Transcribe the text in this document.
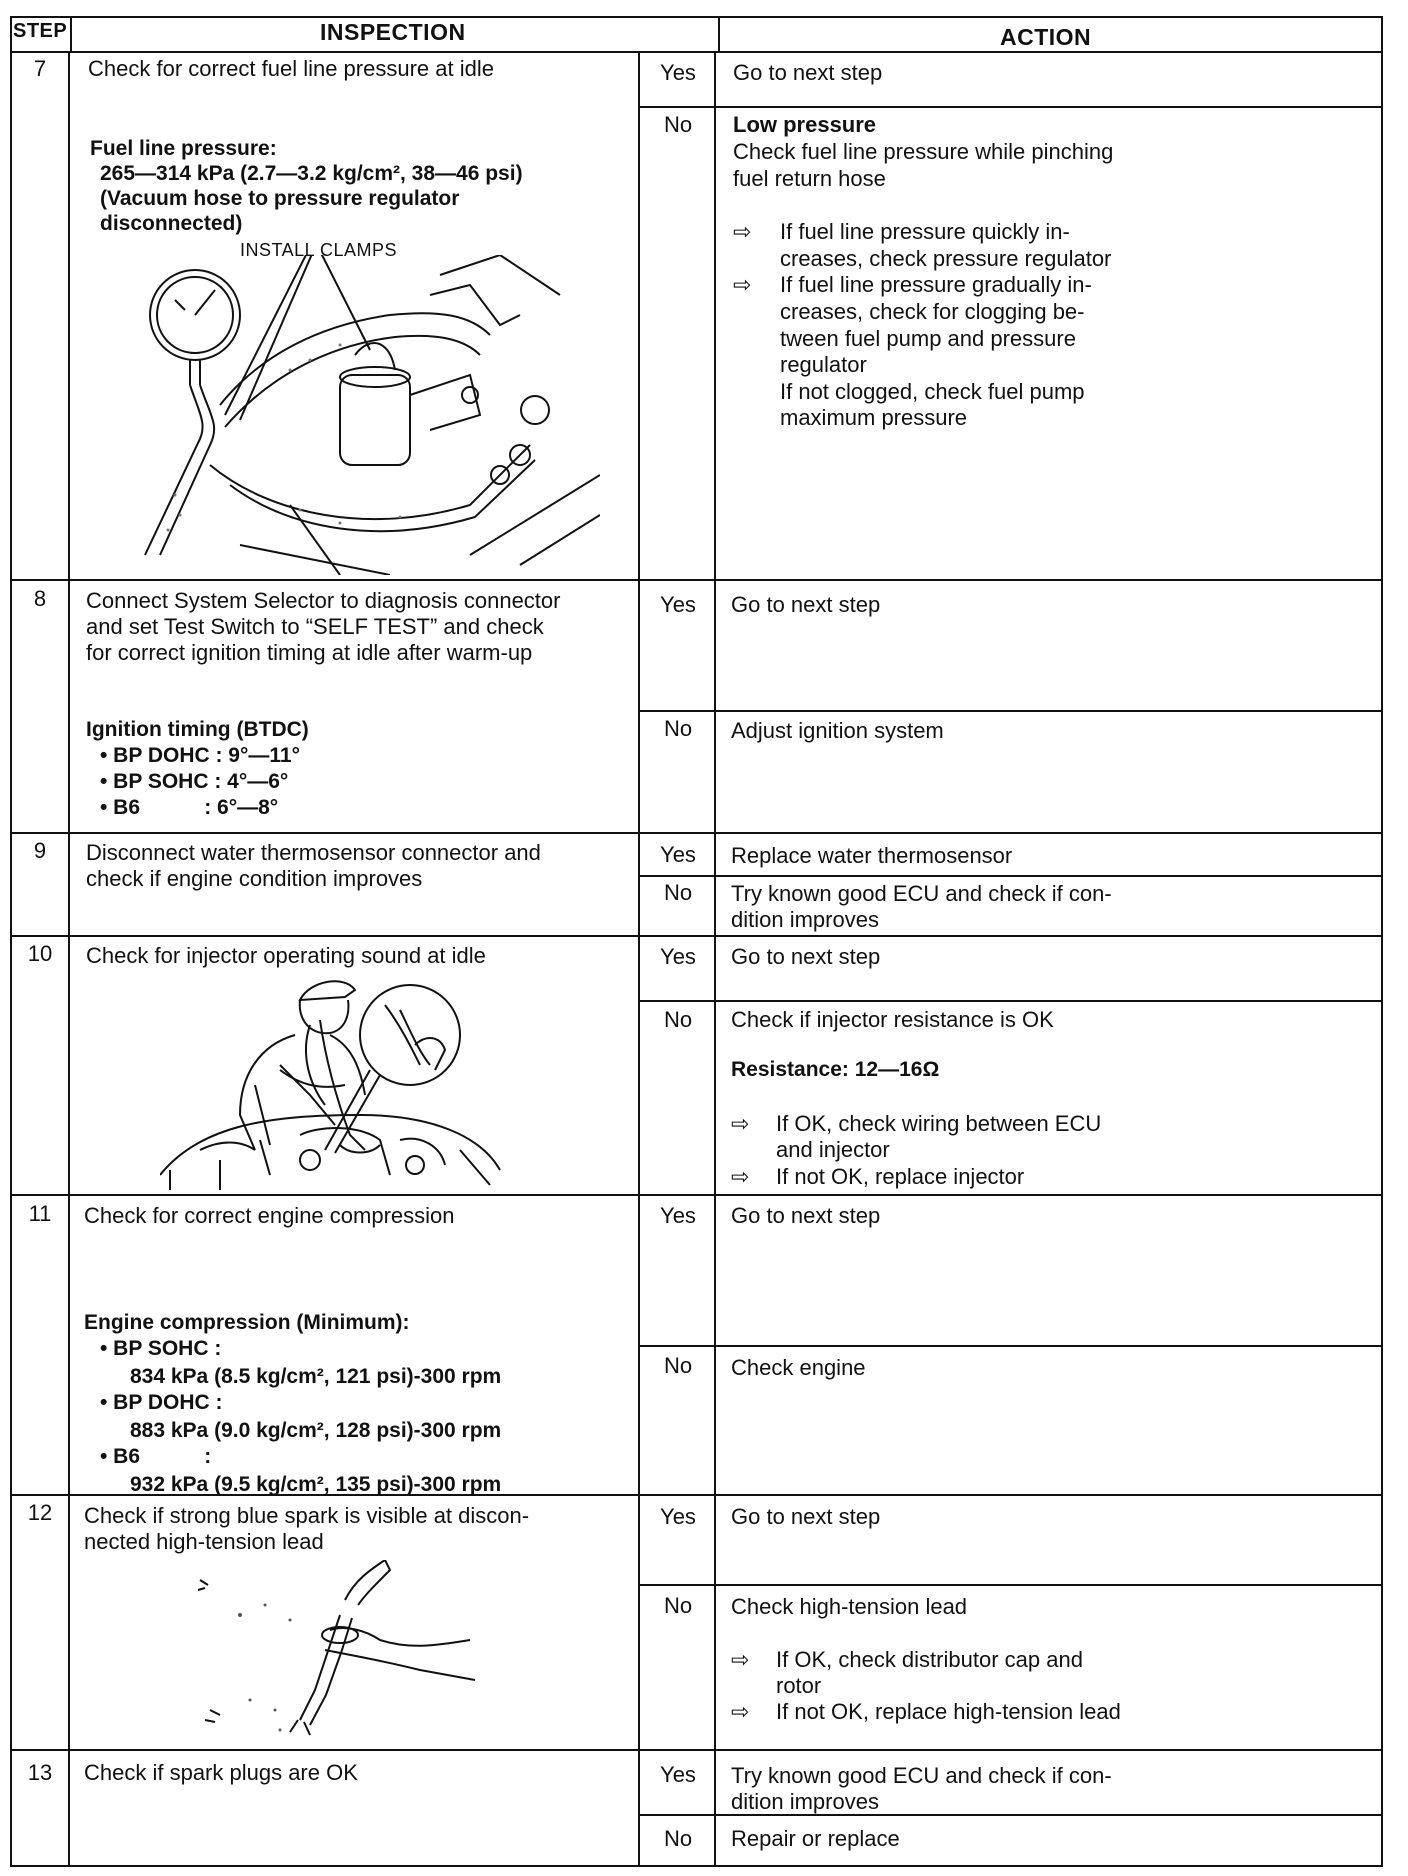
STEP	INSPECTION	ACTION
7	Check for correct fuel line pressure at idle
Fuel line pressure:
265—314 kPa (2.7—3.2 kg/cm², 38—46 psi)
(Vacuum hose to pressure regulator
disconnected)
INSTALL CLAMPS
Yes	Go to next step
No	Low pressure
Check fuel line pressure while pinching
fuel return hose
⇨	If fuel line pressure quickly in-
creases, check pressure regulator
⇨	If fuel line pressure gradually in-
creases, check for clogging be-
tween fuel pump and pressure
regulator
If not clogged, check fuel pump
maximum pressure
8	Connect System Selector to diagnosis connector
and set Test Switch to “SELF TEST” and check
for correct ignition timing at idle after warm-up
Ignition timing (BTDC)
• BP DOHC : 9°—11°
• BP SOHC : 4°—6°
• B6           : 6°—8°
Yes	Go to next step
No	Adjust ignition system
9	Disconnect water thermosensor connector and
check if engine condition improves
Yes	Replace water thermosensor
No	Try known good ECU and check if con-
dition improves
10	Check for injector operating sound at idle	Yes	Go to next step
No	Check if injector resistance is OK
Resistance: 12—16Ω
⇨	If OK, check wiring between ECU
and injector
⇨	If not OK, replace injector
11	Check for correct engine compression
Engine compression (Minimum):
• BP SOHC :
834 kPa (8.5 kg/cm², 121 psi)-300 rpm
• BP DOHC :
883 kPa (9.0 kg/cm², 128 psi)-300 rpm
• B6           :
932 kPa (9.5 kg/cm², 135 psi)-300 rpm
Yes	Go to next step
No	Check engine
12	Check if strong blue spark is visible at discon-
nected high-tension lead
Yes	Go to next step
No	Check high-tension lead
⇨	If OK, check distributor cap and
rotor
⇨	If not OK, replace high-tension lead
13	Check if spark plugs are OK	Yes	Try known good ECU and check if con-
dition improves
No	Repair or replace
